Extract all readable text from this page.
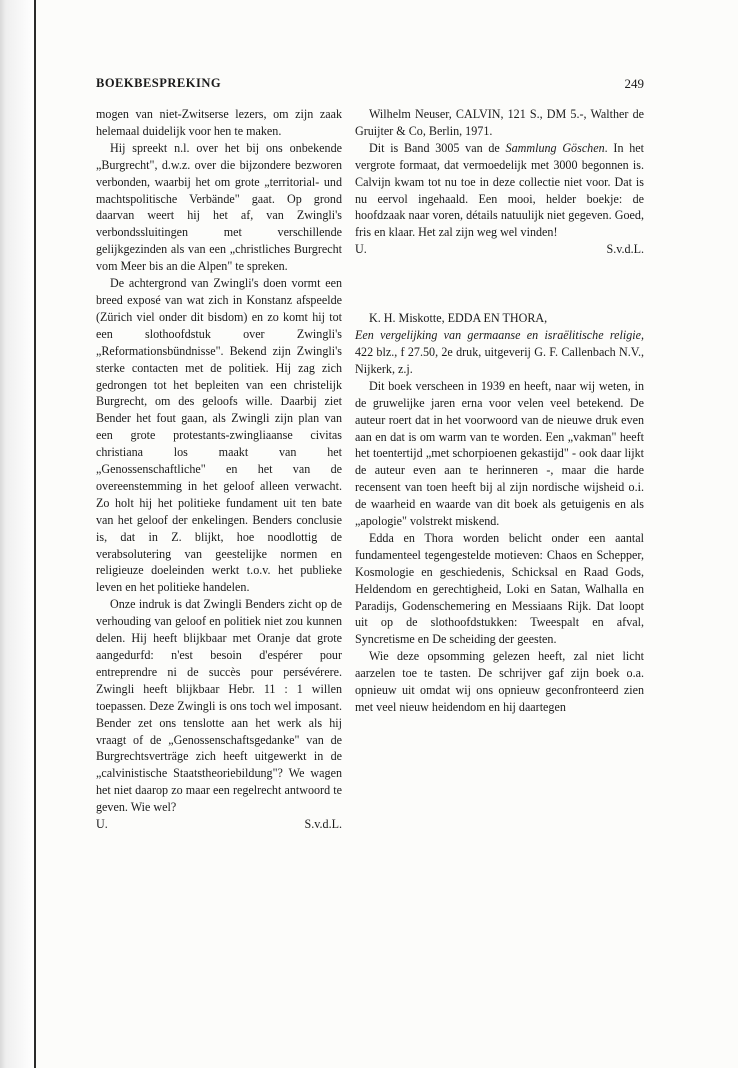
BOEKBESPREKING	249

mogen van niet-Zwitserse lezers, om zijn zaak helemaal duidelijk voor hen te maken.

Hij spreekt n.l. over het bij ons onbekende „Burgrecht", d.w.z. over die bijzondere bezworen verbonden, waarbij het om grote „territorial- und machtspolitische Verbände" gaat. Op grond daarvan weert hij het af, van Zwingli's verbondssluitingen met verschillende gelijkgezinden als van een „christliches Burgrecht vom Meer bis an die Alpen" te spreken.

De achtergrond van Zwingli's doen vormt een breed exposé van wat zich in Konstanz afspeelde (Zürich viel onder dit bisdom) en zo komt hij tot een slothoofdstuk over Zwingli's „Reformationsbündnisse". Bekend zijn Zwingli's sterke contacten met de politiek. Hij zag zich gedrongen tot het bepleiten van een christelijk Burgrecht, om des geloofs wille. Daarbij ziet Bender het fout gaan, als Zwingli zijn plan van een grote protestants-zwingliaanse civitas christiana los maakt van het „Genossenschaftliche" en het van de overeenstemming in het geloof alleen verwacht. Zo holt hij het politieke fundament uit ten bate van het geloof der enkelingen. Benders conclusie is, dat in Z. blijkt, hoe noodlottig de verabsolutering van geestelijke normen en religieuze doeleinden werkt t.o.v. het publieke leven en het politieke handelen.

Onze indruk is dat Zwingli Benders zicht op de verhouding van geloof en politiek niet zou kunnen delen. Hij heeft blijkbaar met Oranje dat grote aangedurfd: n'est besoin d'espérer pour entreprendre ni de succès pour persévérere. Zwingli heeft blijkbaar Hebr. 11 : 1 willen toepassen. Deze Zwingli is ons toch wel imposant. Bender zet ons tenslotte aan het werk als hij vraagt of de „Genossenschaftsgedanke" van de Burgrechtsverträge zich heeft uitgewerkt in de „calvinistische Staatstheoriebildung"? We wagen het niet daarop zo maar een regelrecht antwoord te geven. Wie wel?

U.	S.v.d.L.

Wilhelm Neuser, CALVIN, 121 S., DM 5.-, Walther de Gruijter & Co, Berlin, 1971.

Dit is Band 3005 van de Sammlung Göschen. In het vergrote formaat, dat vermoedelijk met 3000 begonnen is. Calvijn kwam tot nu toe in deze collectie niet voor. Dat is nu eervol ingehaald. Een mooi, helder boekje: de hoofdzaak naar voren, détails natuulijk niet gegeven. Goed, fris en klaar. Het zal zijn weg wel vinden!

U.	S.v.d.L.

K. H. Miskotte, EDDA EN THORA,
Een vergelijking van germaanse en israëlitische religie, 422 blz., f 27.50, 2e druk, uitgeverij G. F. Callenbach N.V., Nijkerk, z.j.

Dit boek verscheen in 1939 en heeft, naar wij weten, in de gruwelijke jaren erna voor velen veel betekend. De auteur roert dat in het voorwoord van de nieuwe druk even aan en dat is om warm van te worden. Een „vakman" heeft het toentertijd „met schorpioenen gekastijd" - ook daar lijkt de auteur even aan te herinneren -, maar die harde recensent van toen heeft bij al zijn nordische wijsheid o.i. de waarheid en waarde van dit boek als getuigenis en als „apologie" volstrekt miskend.

Edda en Thora worden belicht onder een aantal fundamenteel tegengestelde motieven: Chaos en Schepper, Kosmologie en geschiedenis, Schicksal en Raad Gods, Heldendom en gerechtigheid, Loki en Satan, Walhalla en Paradijs, Godenschemering en Messiaans Rijk. Dat loopt uit op de slothoofdstukken: Tweespalt en afval, Syncretisme en De scheiding der geesten.

Wie deze opsomming gelezen heeft, zal niet licht aarzelen toe te tasten. De schrijver gaf zijn boek o.a. opnieuw uit omdat wij ons opnieuw geconfronteerd zien met veel nieuw heidendom en hij daartegen
